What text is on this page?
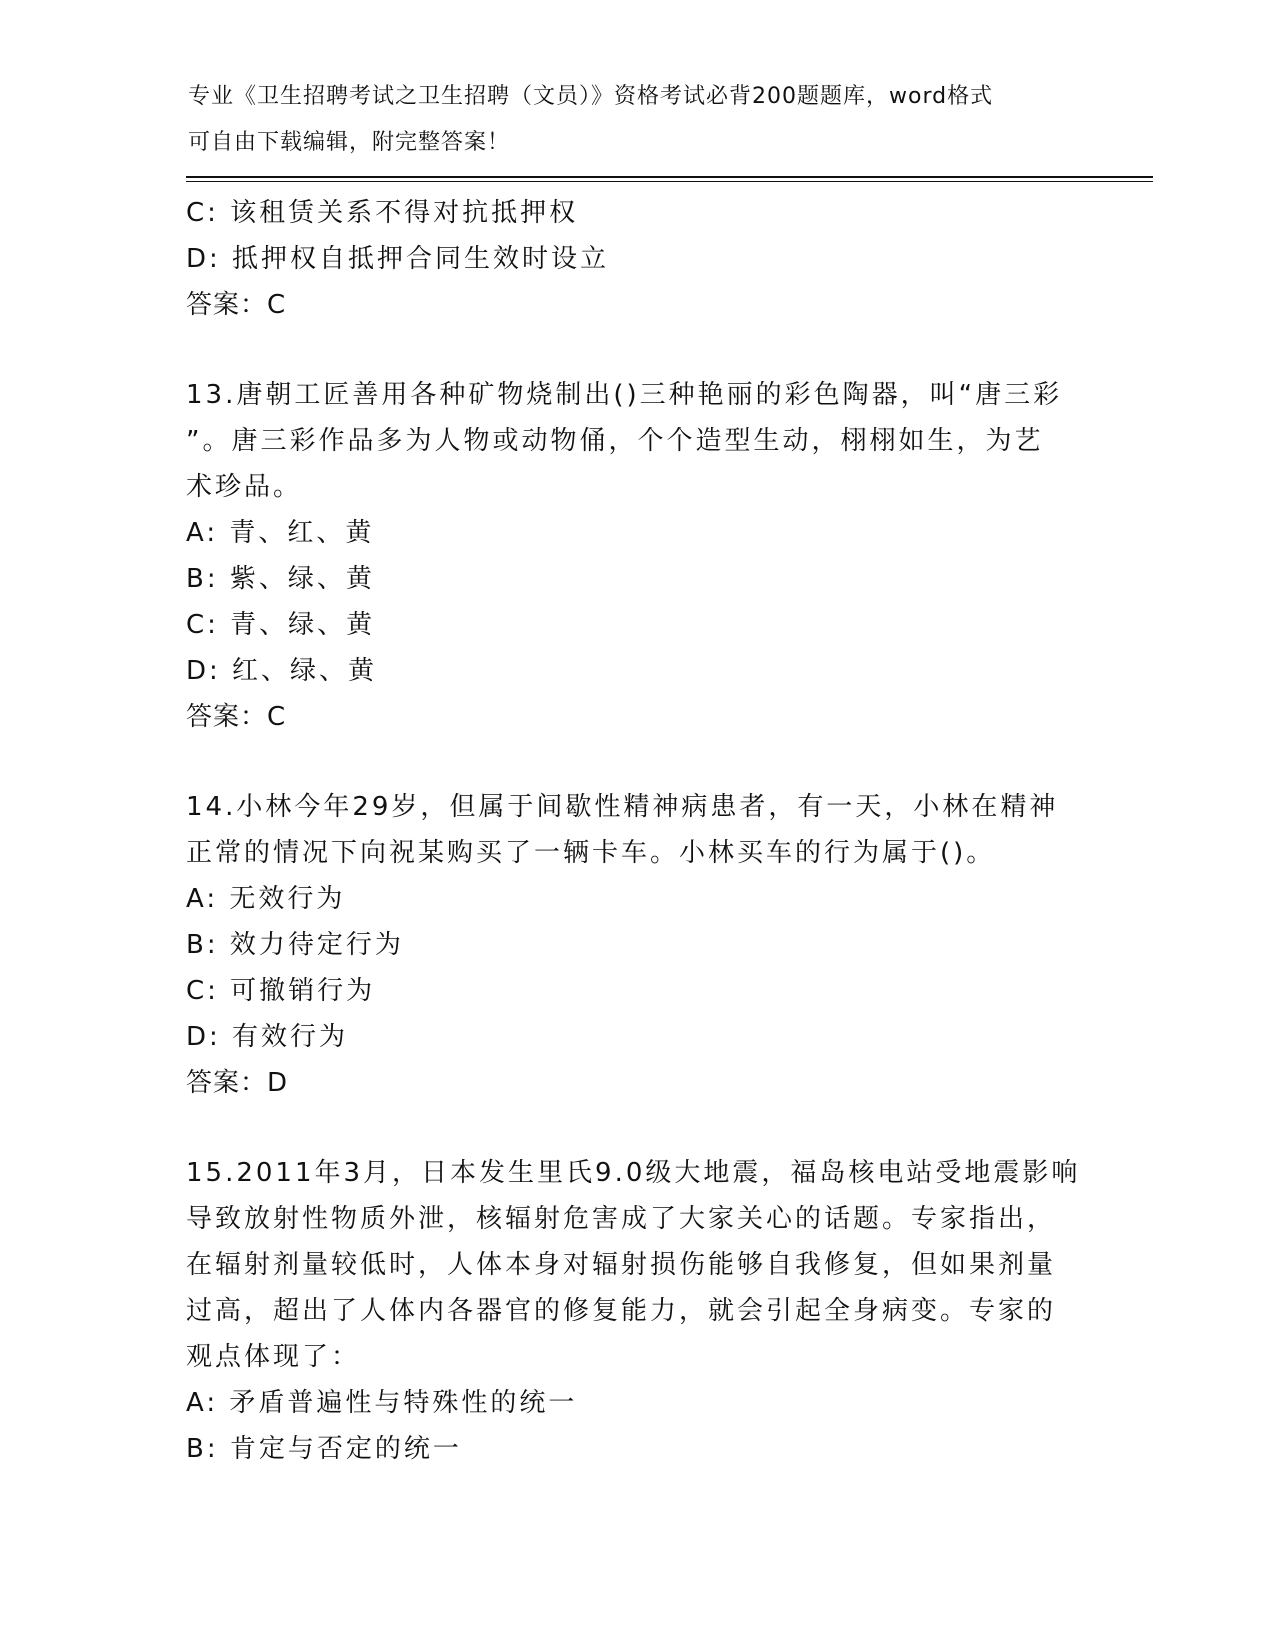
专业《卫生招聘考试之卫生招聘（文员）》资格考试必背200题题库，word格式
可自由下载编辑，附完整答案！
C: 该租赁关系不得对抗抵押权
D: 抵押权自抵押合同生效时设立
答案：C
13.唐朝工匠善用各种矿物烧制出()三种艳丽的彩色陶器，叫“唐三彩
”。唐三彩作品多为人物或动物俑，个个造型生动，栩栩如生，为艺
术珍品。
A: 青、红、黄
B: 紫、绿、黄
C: 青、绿、黄
D: 红、绿、黄
答案：C
14.小林今年29岁，但属于间歇性精神病患者，有一天，小林在精神
正常的情况下向祝某购买了一辆卡车。小林买车的行为属于()。
A: 无效行为
B: 效力待定行为
C: 可撤销行为
D: 有效行为
答案：D
15.2011年3月，日本发生里氏9.0级大地震，福岛核电站受地震影响
导致放射性物质外泄，核辐射危害成了大家关心的话题。专家指出，
在辐射剂量较低时，人体本身对辐射损伤能够自我修复，但如果剂量
过高，超出了人体内各器官的修复能力，就会引起全身病变。专家的
观点体现了：
A: 矛盾普遍性与特殊性的统一
B: 肯定与否定的统一
